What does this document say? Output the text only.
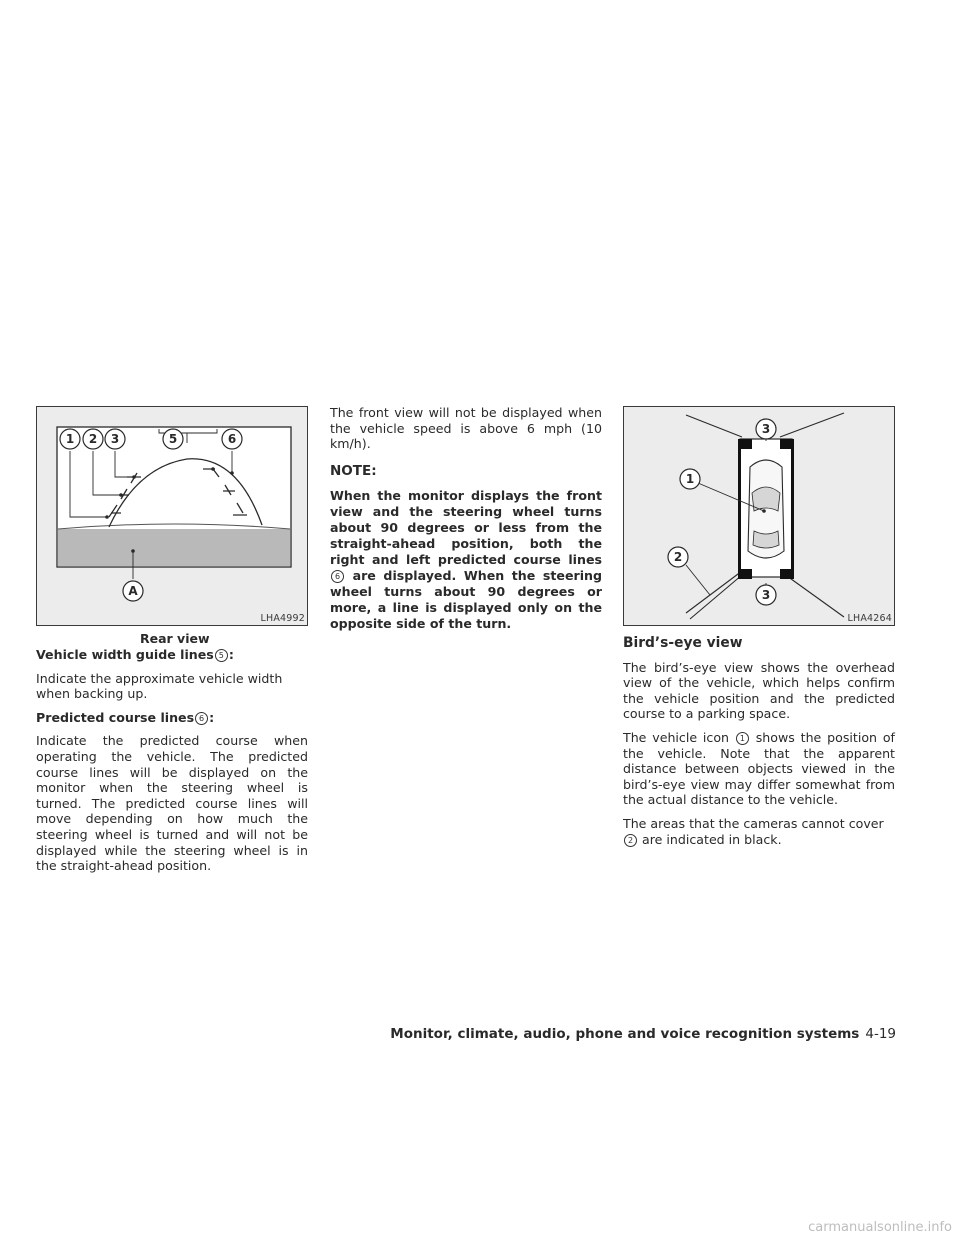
1 2 3	5	6
A
LHA4992
Rear view
Vehicle width guide lines 5 :

Indicate the approximate vehicle width when backing up.

Predicted course lines 6 :

Indicate the predicted course when operating the vehicle. The predicted course lines will be displayed on the monitor when the steering wheel is turned. The predicted course lines will move depending on how much the steering wheel is turned and will not be displayed while the steering wheel is in the straight-ahead position.

The front view will not be displayed when the vehicle speed is above 6 mph (10 km/h).

NOTE:

When the monitor displays the front view and the steering wheel turns about 90 degrees or less from the straight-ahead position, both the right and left predicted course lines 6 are displayed. When the steering wheel turns about 90 degrees or more, a line is displayed only on the opposite side of the turn.

1
2
3
3
LHA4264
Bird’s-eye view

The bird’s-eye view shows the overhead view of the vehicle, which helps confirm the vehicle position and the predicted course to a parking space.

The vehicle icon 1 shows the position of the vehicle. Note that the apparent distance between objects viewed in the bird’s-eye view may differ somewhat from the actual distance to the vehicle.

The areas that the cameras cannot cover 2 are indicated in black.

Monitor, climate, audio, phone and voice recognition systems 4-19
carmanualsonline.info
